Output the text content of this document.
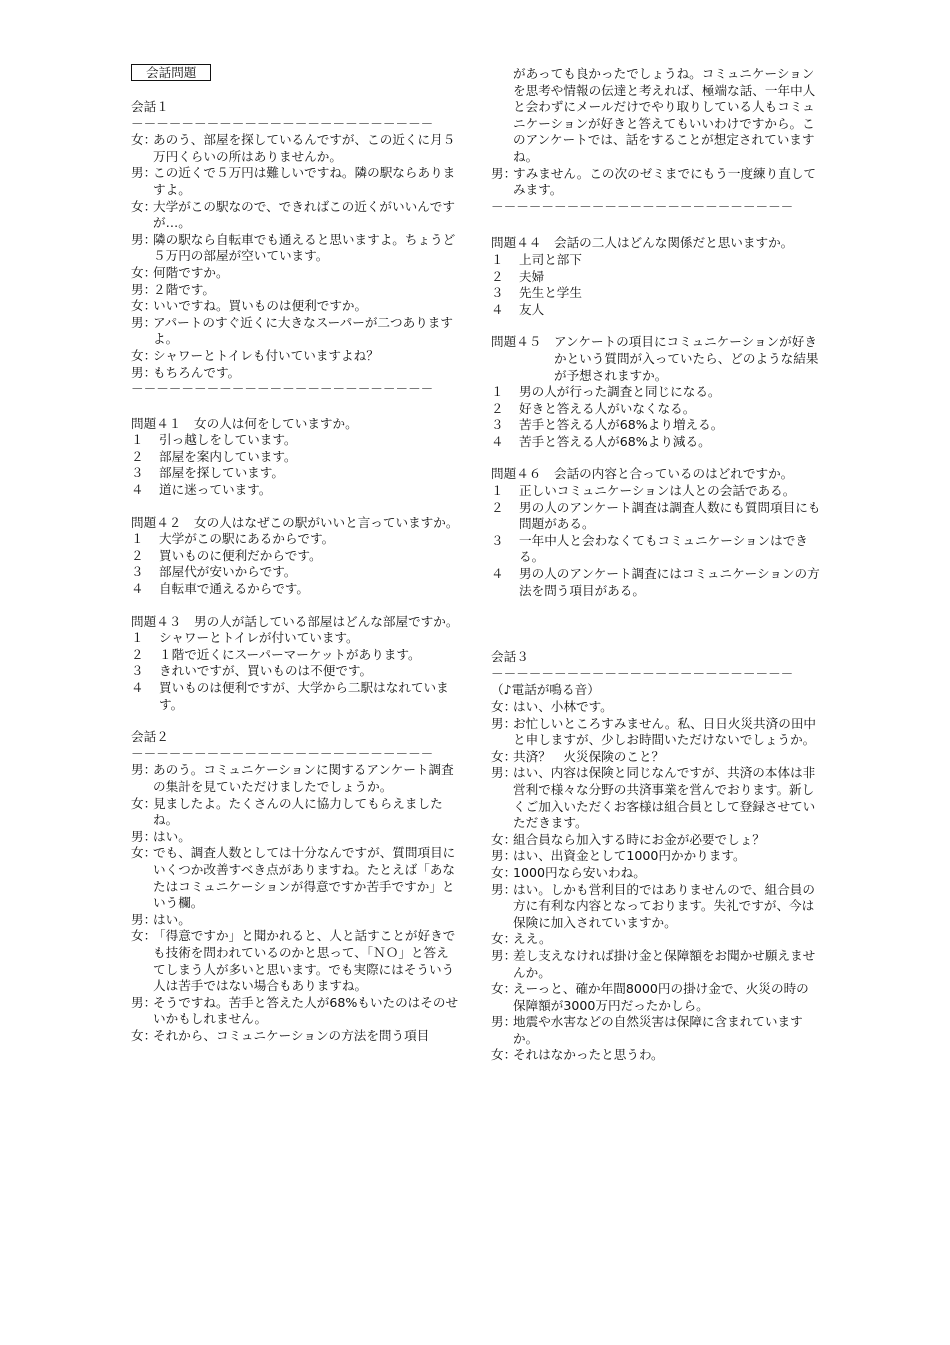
会話問題
会話１
－－－－－－－－－－－－－－－－－－－－－－－－
女：
あのう、部屋を探しているんですが、この近くに月５万円くらいの所はありませんか。
男：
この近くで５万円は難しいですね。隣の駅ならありますよ。
女：
大学がこの駅なので、できればこの近くがいいんですが…。
男：
隣の駅なら自転車でも通えると思いますよ。ちょうど５万円の部屋が空いています。
女：
何階ですか。
男：
２階です。
女：
いいですね。買いものは便利ですか。
男：
アパートのすぐ近くに大きなスーパーが二つありますよ。
女：
シャワーとトイレも付いていますよね？
男：
もちろんです。
－－－－－－－－－－－－－－－－－－－－－－－－
問題４１　 女の人は何をしていますか。
１	引っ越しをしています。
２	部屋を案内しています。
３	部屋を探しています。
４	道に迷っています。
問題４２　 女の人はなぜこの駅がいいと言っていますか。
１	大学がこの駅にあるからです。
２	買いものに便利だからです。
３	部屋代が安いからです。
４	自転車で通えるからです。
問題４３　 男の人が話している部屋はどんな部屋ですか。
１	シャワーとトイレが付いています。
２	１階で近くにスーパーマーケットがあります。
３	きれいですが、買いものは不便です。
４	買いものは便利ですが、大学から二駅はなれています。
会話２
－－－－－－－－－－－－－－－－－－－－－－－－
男：
あのう。コミュニケーションに関するアンケート調査の集計を見ていただけましたでしょうか。
女：
見ましたよ。たくさんの人に協力してもらえましたね。
男：
はい。
女：
でも、調査人数としては十分なんですが、質問項目にいくつか改善すべき点がありますね。たとえば「あなたはコミュニケーションが得意ですか苦手ですか」という欄。
男：
はい。
女：
「得意ですか」と聞かれると、人と話すことが好きでも技術を問われているのかと思って、「ＮＯ」と答えてしまう人が多いと思います。でも実際にはそういう人は苦手ではない場合もありますね。
男：
そうですね。苦手と答えた人が68%もいたのはそのせいかもしれません。
女：
それから、コミュニケーションの方法を問う項目
があっても良かったでしょうね。コミュニケーションを思考や情報の伝達と考えれば、極端な話、一年中人と会わずにメールだけでやり取りしている人もコミュニケーションが好きと答えてもいいわけですから。このアンケートでは、話をすることが想定されていますね。
男：
すみません。この次のゼミまでにもう一度練り直してみます。
－－－－－－－－－－－－－－－－－－－－－－－－
問題４４　 会話の二人はどんな関係だと思いますか。
１	上司と部下
２	夫婦
３	先生と学生
４	友人
問題４５　 アンケートの項目にコミュニケーションが好きかという質問が入っていたら、どのような結果が予想されますか。
１	男の人が行った調査と同じになる。
２	好きと答える人がいなくなる。
３	苦手と答える人が68%より増える。
４	苦手と答える人が68%より減る。
問題４６　 会話の内容と合っているのはどれですか。
１	正しいコミュニケーションは人との会話である。
２	男の人のアンケート調査は調査人数にも質問項目にも問題がある。
３	一年中人と会わなくてもコミュニケーションはできる。
４	男の人のアンケート調査にはコミュニケーションの方法を問う項目がある。
会話３
－－－－－－－－－－－－－－－－－－－－－－－－
（♪電話が鳴る音）
女：
はい、小林です。
男：
お忙しいところすみません。私、日日火災共済の田中と申しますが、少しお時間いただけないでしょうか。
女：
共済？　火災保険のこと？
男：
はい、内容は保険と同じなんですが、共済の本体は非営利で様々な分野の共済事業を営んでおります。新しくご加入いただくお客様は組合員として登録させていただきます。
女：
組合員なら加入する時にお金が必要でしょ？
男：
はい、出資金として1000円かかります。
女：
1000円なら安いわね。
男：
はい。しかも営利目的ではありませんので、組合員の方に有利な内容となっております。失礼ですが、今は保険に加入されていますか。
女：
ええ。
男：
差し支えなければ掛け金と保障額をお聞かせ願えませんか。
女：
えーっと、確か年間8000円の掛け金で、火災の時の保障額が3000万円だったかしら。
男：
地震や水害などの自然災害は保障に含まれていますか。
女：
それはなかったと思うわ。
